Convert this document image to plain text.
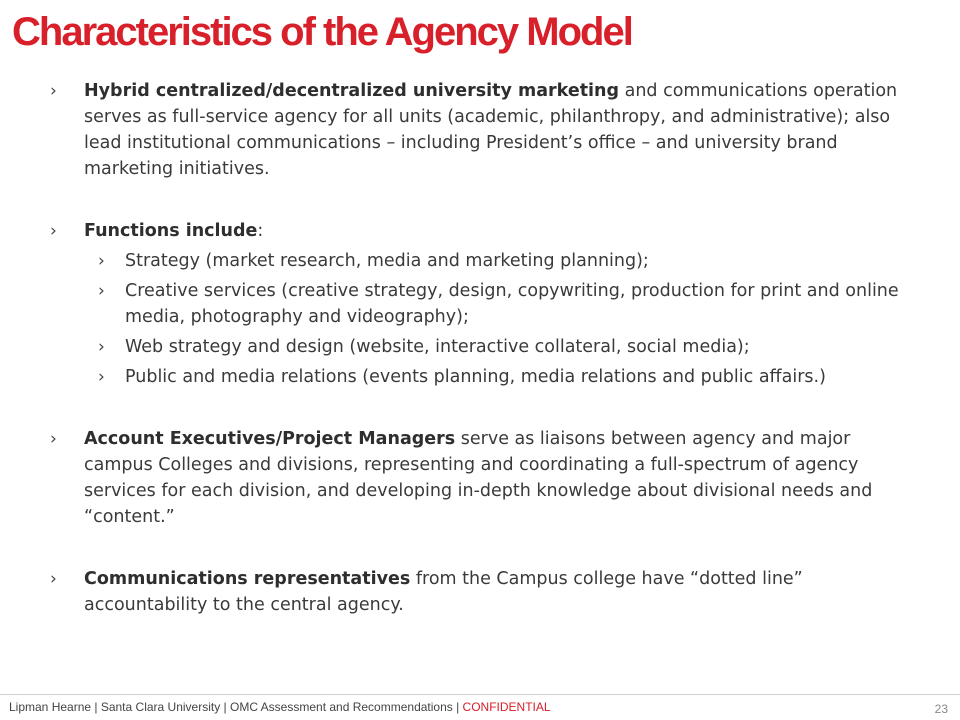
Characteristics of the Agency Model
› Hybrid centralized/decentralized university marketing and communications operation serves as full-service agency for all units (academic, philanthropy, and administrative); also lead institutional communications – including President’s office – and university brand marketing initiatives.
› Functions include:
› Strategy (market research, media and marketing planning);
› Creative services (creative strategy, design, copywriting, production for print and online media, photography and videography);
› Web strategy and design (website, interactive collateral, social media);
› Public and media relations (events planning, media relations and public affairs.)
› Account Executives/Project Managers serve as liaisons between agency and major campus Colleges and divisions, representing and coordinating a full-spectrum of agency services for each division, and developing in-depth knowledge about divisional needs and “content.”
› Communications representatives from the Campus college have “dotted line” accountability to the central agency.
Lipman Hearne | Santa Clara University | OMC Assessment and Recommendations | CONFIDENTIAL	23
